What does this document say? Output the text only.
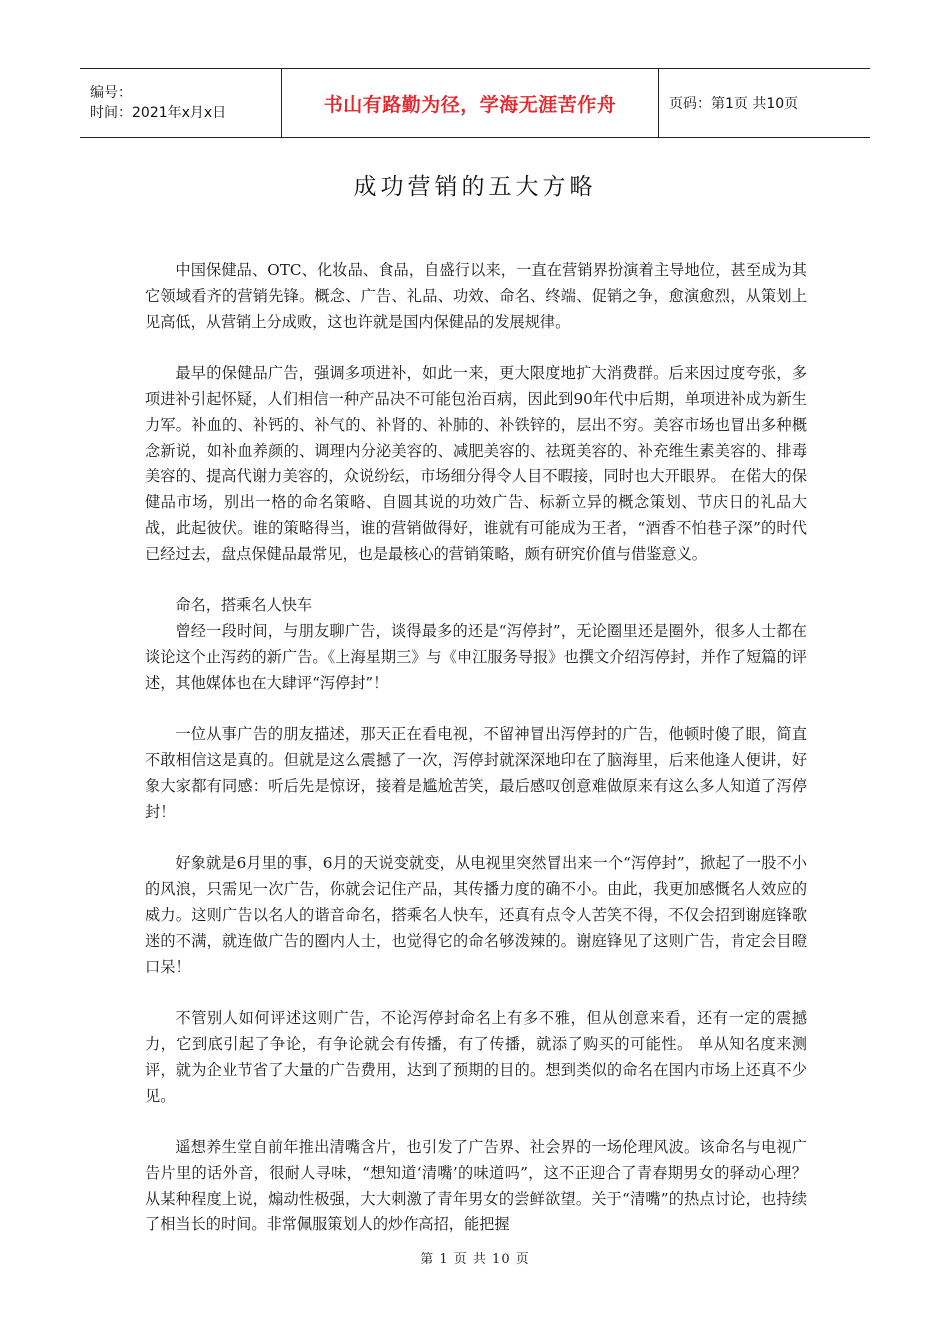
编号：
时间：2021年x月x日	书山有路勤为径，学海无涯苦作舟	页码：第1页 共10页
成功营销的五大方略

中国保健品、OTC、化妆品、食品，自盛行以来，一直在营销界扮演着主导地位，甚至成为其它领域看齐的营销先锋。概念、广告、礼品、功效、命名、终端、促销之争，愈演愈烈，从策划上见高低，从营销上分成败，这也许就是国内保健品的发展规律。

最早的保健品广告，强调多项进补，如此一来，更大限度地扩大消费群。后来因过度夸张，多项进补引起怀疑，人们相信一种产品决不可能包治百病，因此到90年代中后期，单项进补成为新生力军。补血的、补钙的、补气的、补肾的、补肺的、补铁锌的，层出不穷。美容市场也冒出多种概念新说，如补血养颜的、调理内分泌美容的、减肥美容的、祛斑美容的、补充维生素美容的、排毒美容的、提高代谢力美容的，众说纷纭，市场细分得令人目不暇接，同时也大开眼界。 在偌大的保健品市场，别出一格的命名策略、自圆其说的功效广告、标新立异的概念策划、节庆日的礼品大战，此起彼伏。谁的策略得当，谁的营销做得好，谁就有可能成为王者，“酒香不怕巷子深”的时代已经过去，盘点保健品最常见，也是最核心的营销策略，颇有研究价值与借鉴意义。

命名，搭乘名人快车

曾经一段时间，与朋友聊广告，谈得最多的还是“泻停封”，无论圈里还是圈外，很多人士都在谈论这个止泻药的新广告。《上海星期三》与《申江服务导报》也撰文介绍泻停封，并作了短篇的评述，其他媒体也在大肆评“泻停封”！

一位从事广告的朋友描述，那天正在看电视，不留神冒出泻停封的广告，他顿时傻了眼，简直不敢相信这是真的。但就是这么震撼了一次，泻停封就深深地印在了脑海里，后来他逢人便讲，好象大家都有同感：听后先是惊讶，接着是尴尬苦笑，最后感叹创意难做原来有这么多人知道了泻停封！

好象就是6月里的事，6月的天说变就变，从电视里突然冒出来一个“泻停封”，掀起了一股不小的风浪，只需见一次广告，你就会记住产品，其传播力度的确不小。由此，我更加感慨名人效应的威力。这则广告以名人的谐音命名，搭乘名人快车，还真有点令人苦笑不得，不仅会招到谢庭锋歌迷的不满，就连做广告的圈内人士，也觉得它的命名够泼辣的。谢庭锋见了这则广告，肯定会目瞪口呆！

不管别人如何评述这则广告，不论泻停封命名上有多不雅，但从创意来看，还有一定的震撼力，它到底引起了争论，有争论就会有传播，有了传播，就添了购买的可能性。 单从知名度来测评，就为企业节省了大量的广告费用，达到了预期的目的。想到类似的命名在国内市场上还真不少见。

遥想养生堂自前年推出清嘴含片，也引发了广告界、社会界的一场伦理风波。该命名与电视广告片里的话外音，很耐人寻味，“想知道‘清嘴’的味道吗”，这不正迎合了青春期男女的驿动心理？从某种程度上说，煽动性极强，大大刺激了青年男女的尝鲜欲望。关于“清嘴”的热点讨论，也持续了相当长的时间。非常佩服策划人的炒作高招，能把握

第 1 页 共 10 页
